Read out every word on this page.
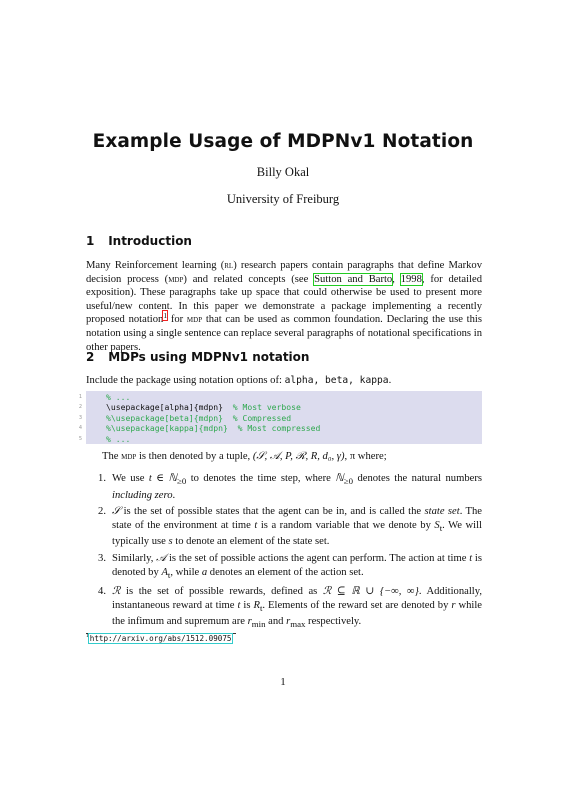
Example Usage of MDPNv1 Notation
Billy Okal
University of Freiburg
1 Introduction
Many Reinforcement learning (rl) research papers contain paragraphs that define Markov decision process (mdp) and related concepts (see Sutton and Barto, 1998, for detailed exposition). These paragraphs take up space that could otherwise be used to present more useful/new content. In this paper we demonstrate a package implementing a recently proposed notation$^1$ for mdp that can be used as common foundation. Declaring the use this notation using a single sentence can replace several paragraphs of notational specifications in other papers.
2 MDPs using MDPNv1 notation
Include the package using notation options of: alpha, beta, kappa.

1

	% ...

2

	\usepackage[alpha]{mdpn}  % Most verbose

3

	%\usepackage[beta]{mdpn}  % Compressed

4

	%\usepackage[kappa]{mdpn}  % Most compressed

5

	% ...

The mdp is then denoted by a tuple, (𝒮, 𝒜, P, ℛ, R, d₀, γ), π where;
1. We use t ∈ ℕ$_{\ge 0}$ to denotes the time step, where ℕ$_{\ge 0}$ denotes the natural numbers including zero.
2. 𝒮 is the set of possible states that the agent can be in, and is called the state set. The state of the environment at time t is a random variable that we denote by $S_t$. We will typically use s to denote an element of the state set.
3. Similarly, 𝒜 is the set of possible actions the agent can perform. The action at time t is denoted by $A_t$, while a denotes an element of the action set.
4. ℛ is the set of possible rewards, defined as ℛ ⊆ ℝ ∪ {−∞, ∞}. Additionally, instantaneous reward at time t is $R_t$. Elements of the reward set are denoted by r while the infimum and supremum are $r_{min}$ and $r_{max}$ respectively.
$^1$http://arxiv.org/abs/1512.09075
1
